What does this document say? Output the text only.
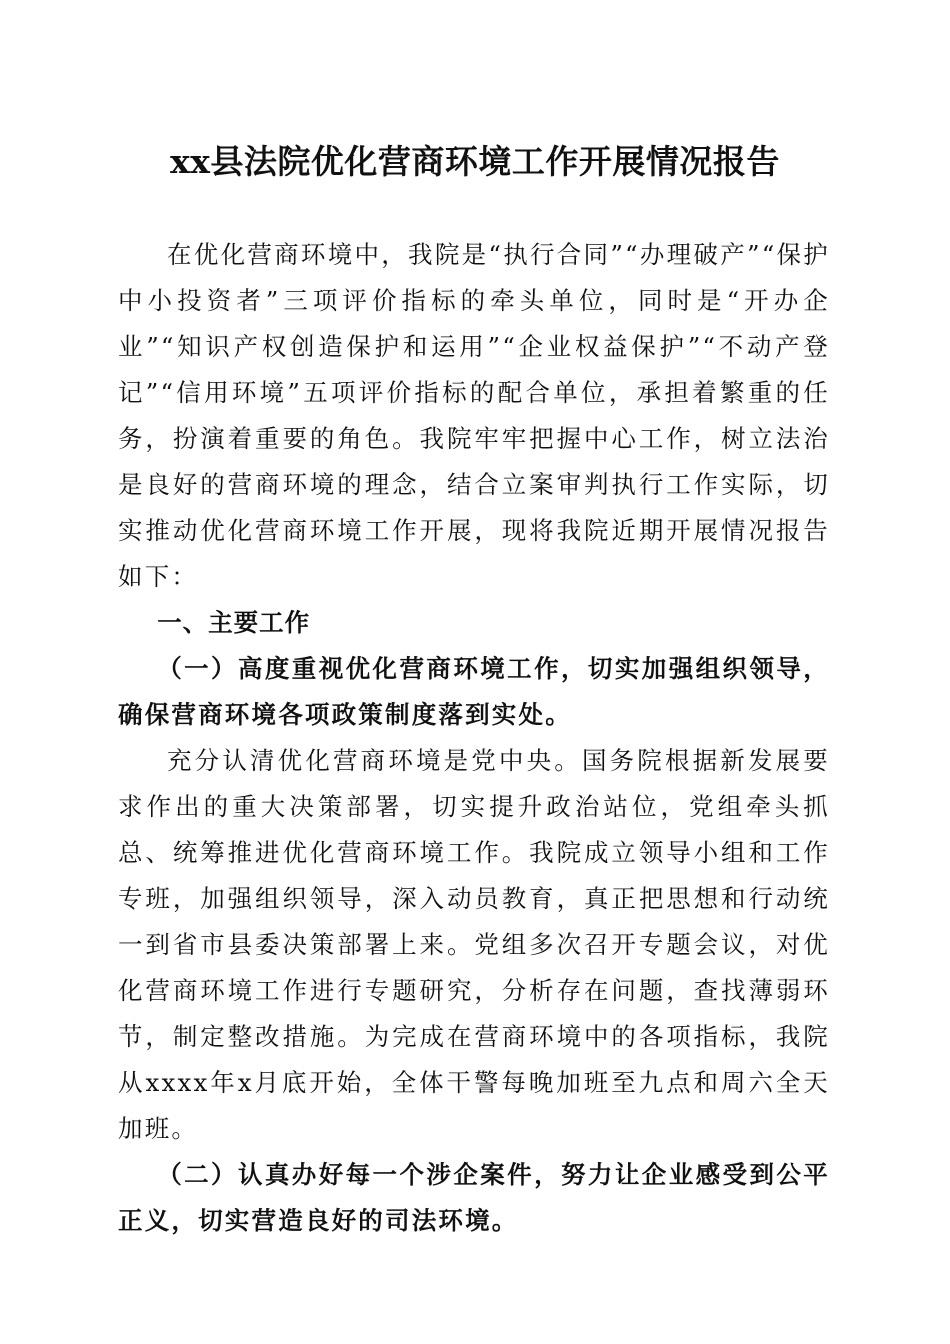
xx县法院优化营商环境工作开展情况报告

在优化营商环境中，我院是“执行合同”“办理破产”“保护中小投资者”三项评价指标的牵头单位，同时是“开办企业”“知识产权创造保护和运用”“企业权益保护”“不动产登记”“信用环境”五项评价指标的配合单位，承担着繁重的任务，扮演着重要的角色。我院牢牢把握中心工作，树立法治是良好的营商环境的理念，结合立案审判执行工作实际，切实推动优化营商环境工作开展，现将我院近期开展情况报告如下：

一、主要工作
（一）高度重视优化营商环境工作，切实加强组织领导，确保营商环境各项政策制度落到实处。

充分认清优化营商环境是党中央。国务院根据新发展要求作出的重大决策部署，切实提升政治站位，党组牵头抓总、统筹推进优化营商环境工作。我院成立领导小组和工作专班，加强组织领导，深入动员教育，真正把思想和行动统一到省市县委决策部署上来。党组多次召开专题会议，对优化营商环境工作进行专题研究，分析存在问题，查找薄弱环节，制定整改措施。为完成在营商环境中的各项指标，我院从xxxx年x月底开始，全体干警每晚加班至九点和周六全天加班。

（二）认真办好每一个涉企案件，努力让企业感受到公平正义，切实营造良好的司法环境。
